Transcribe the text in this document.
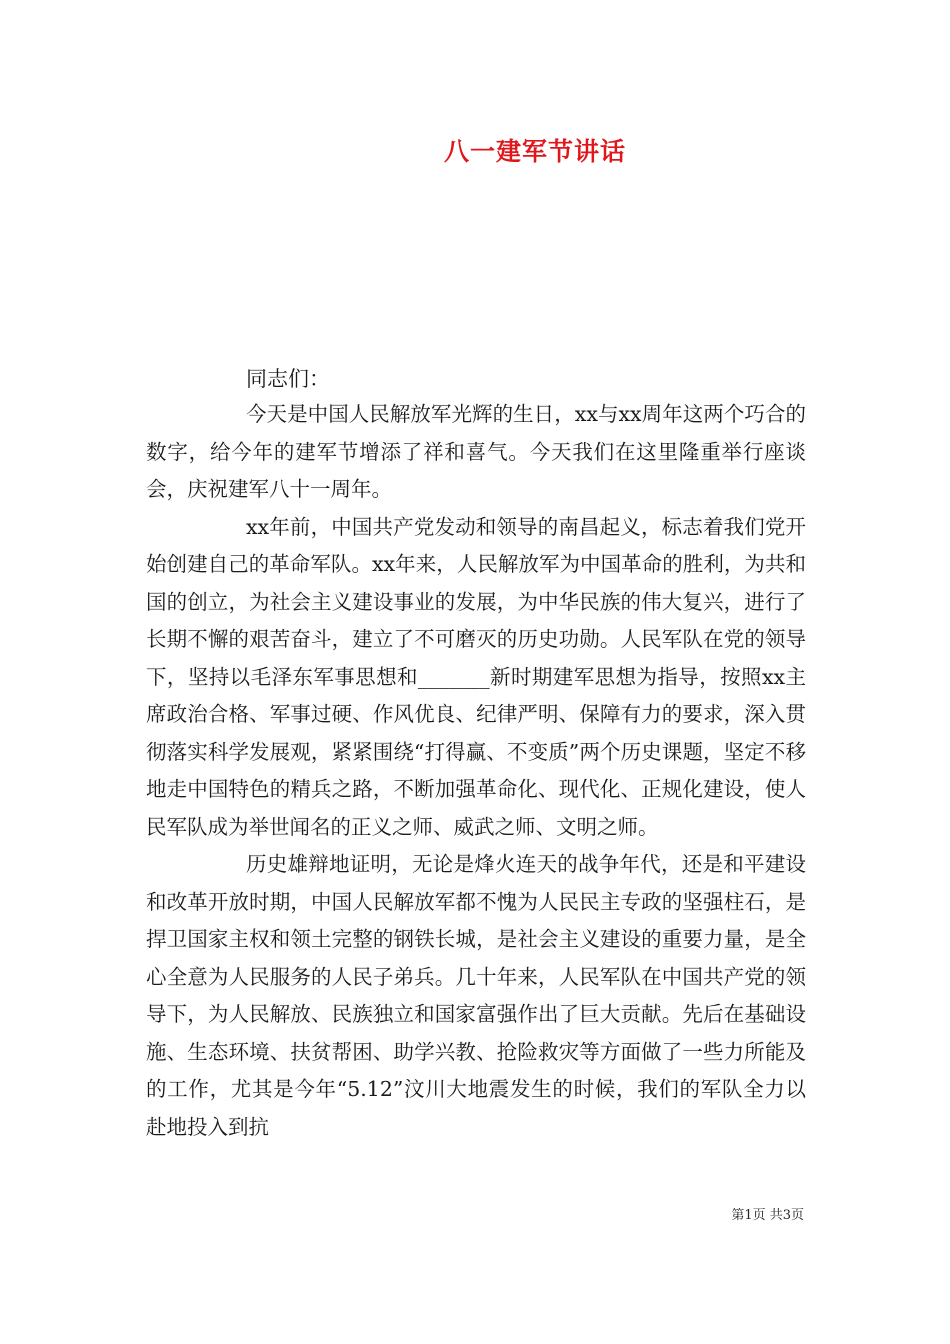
八一建军节讲话
同志们：

今天是中国人民解放军光辉的生日，xx与xx周年这两个巧合的数字，给今年的建军节增添了祥和喜气。今天我们在这里隆重举行座谈会，庆祝建军八十一周年。

xx年前，中国共产党发动和领导的南昌起义，标志着我们党开始创建自己的革命军队。xx年来，人民解放军为中国革命的胜利，为共和国的创立，为社会主义建设事业的发展，为中华民族的伟大复兴，进行了长期不懈的艰苦奋斗，建立了不可磨灭的历史功勋。人民军队在党的领导下，坚持以毛泽东军事思想和_______新时期建军思想为指导，按照xx主席政治合格、军事过硬、作风优良、纪律严明、保障有力的要求，深入贯彻落实科学发展观，紧紧围绕“打得赢、不变质”两个历史课题，坚定不移地走中国特色的精兵之路，不断加强革命化、现代化、正规化建设，使人民军队成为举世闻名的正义之师、威武之师、文明之师。

历史雄辩地证明，无论是烽火连天的战争年代，还是和平建设和改革开放时期，中国人民解放军都不愧为人民民主专政的坚强柱石，是捍卫国家主权和领土完整的钢铁长城，是社会主义建设的重要力量，是全心全意为人民服务的人民子弟兵。几十年来，人民军队在中国共产党的领导下，为人民解放、民族独立和国家富强作出了巨大贡献。先后在基础设施、生态环境、扶贫帮困、助学兴教、抢险救灾等方面做了一些力所能及的工作，尤其是今年“5.12”汶川大地震发生的时候，我们的军队全力以赴地投入到抗

第1页 共3页
